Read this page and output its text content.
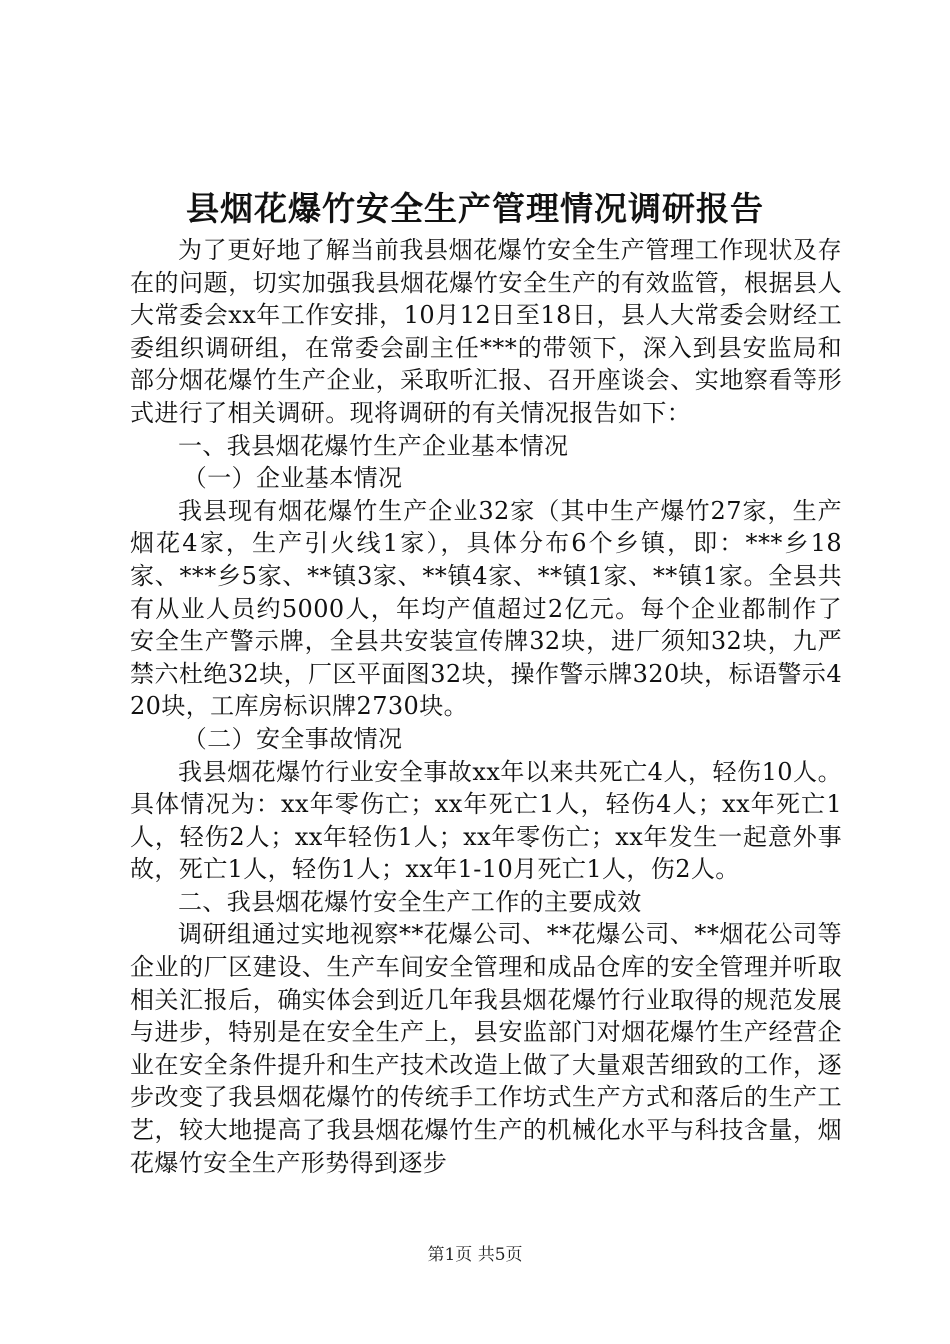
县烟花爆竹安全生产管理情况调研报告

为了更好地了解当前我县烟花爆竹安全生产管理工作现状及存在的问题，切实加强我县烟花爆竹安全生产的有效监管，根据县人大常委会xx年工作安排，10月12日至18日，县人大常委会财经工委组织调研组，在常委会副主任***的带领下，深入到县安监局和部分烟花爆竹生产企业，采取听汇报、召开座谈会、实地察看等形式进行了相关调研。现将调研的有关情况报告如下：

一、我县烟花爆竹生产企业基本情况

（一）企业基本情况

我县现有烟花爆竹生产企业32家（其中生产爆竹27家，生产烟花4家，生产引火线1家），具体分布6个乡镇，即：***乡18家、***乡5家、**镇3家、**镇4家、**镇1家、**镇1家。全县共有从业人员约5000人，年均产值超过2亿元。每个企业都制作了安全生产警示牌，全县共安装宣传牌32块，进厂须知32块，九严禁六杜绝32块，厂区平面图32块，操作警示牌320块，标语警示420块，工库房标识牌2730块。

（二）安全事故情况

我县烟花爆竹行业安全事故xx年以来共死亡4人，轻伤10人。具体情况为：xx年零伤亡；xx年死亡1人，轻伤4人；xx年死亡1人，轻伤2人；xx年轻伤1人；xx年零伤亡；xx年发生一起意外事故，死亡1人，轻伤1人；xx年1-10月死亡1人，伤2人。

二、我县烟花爆竹安全生产工作的主要成效

调研组通过实地视察**花爆公司、**花爆公司、**烟花公司等企业的厂区建设、生产车间安全管理和成品仓库的安全管理并听取相关汇报后，确实体会到近几年我县烟花爆竹行业取得的规范发展与进步，特别是在安全生产上，县安监部门对烟花爆竹生产经营企业在安全条件提升和生产技术改造上做了大量艰苦细致的工作，逐步改变了我县烟花爆竹的传统手工作坊式生产方式和落后的生产工艺，较大地提高了我县烟花爆竹生产的机械化水平与科技含量，烟花爆竹安全生产形势得到逐步

第1页 共5页
